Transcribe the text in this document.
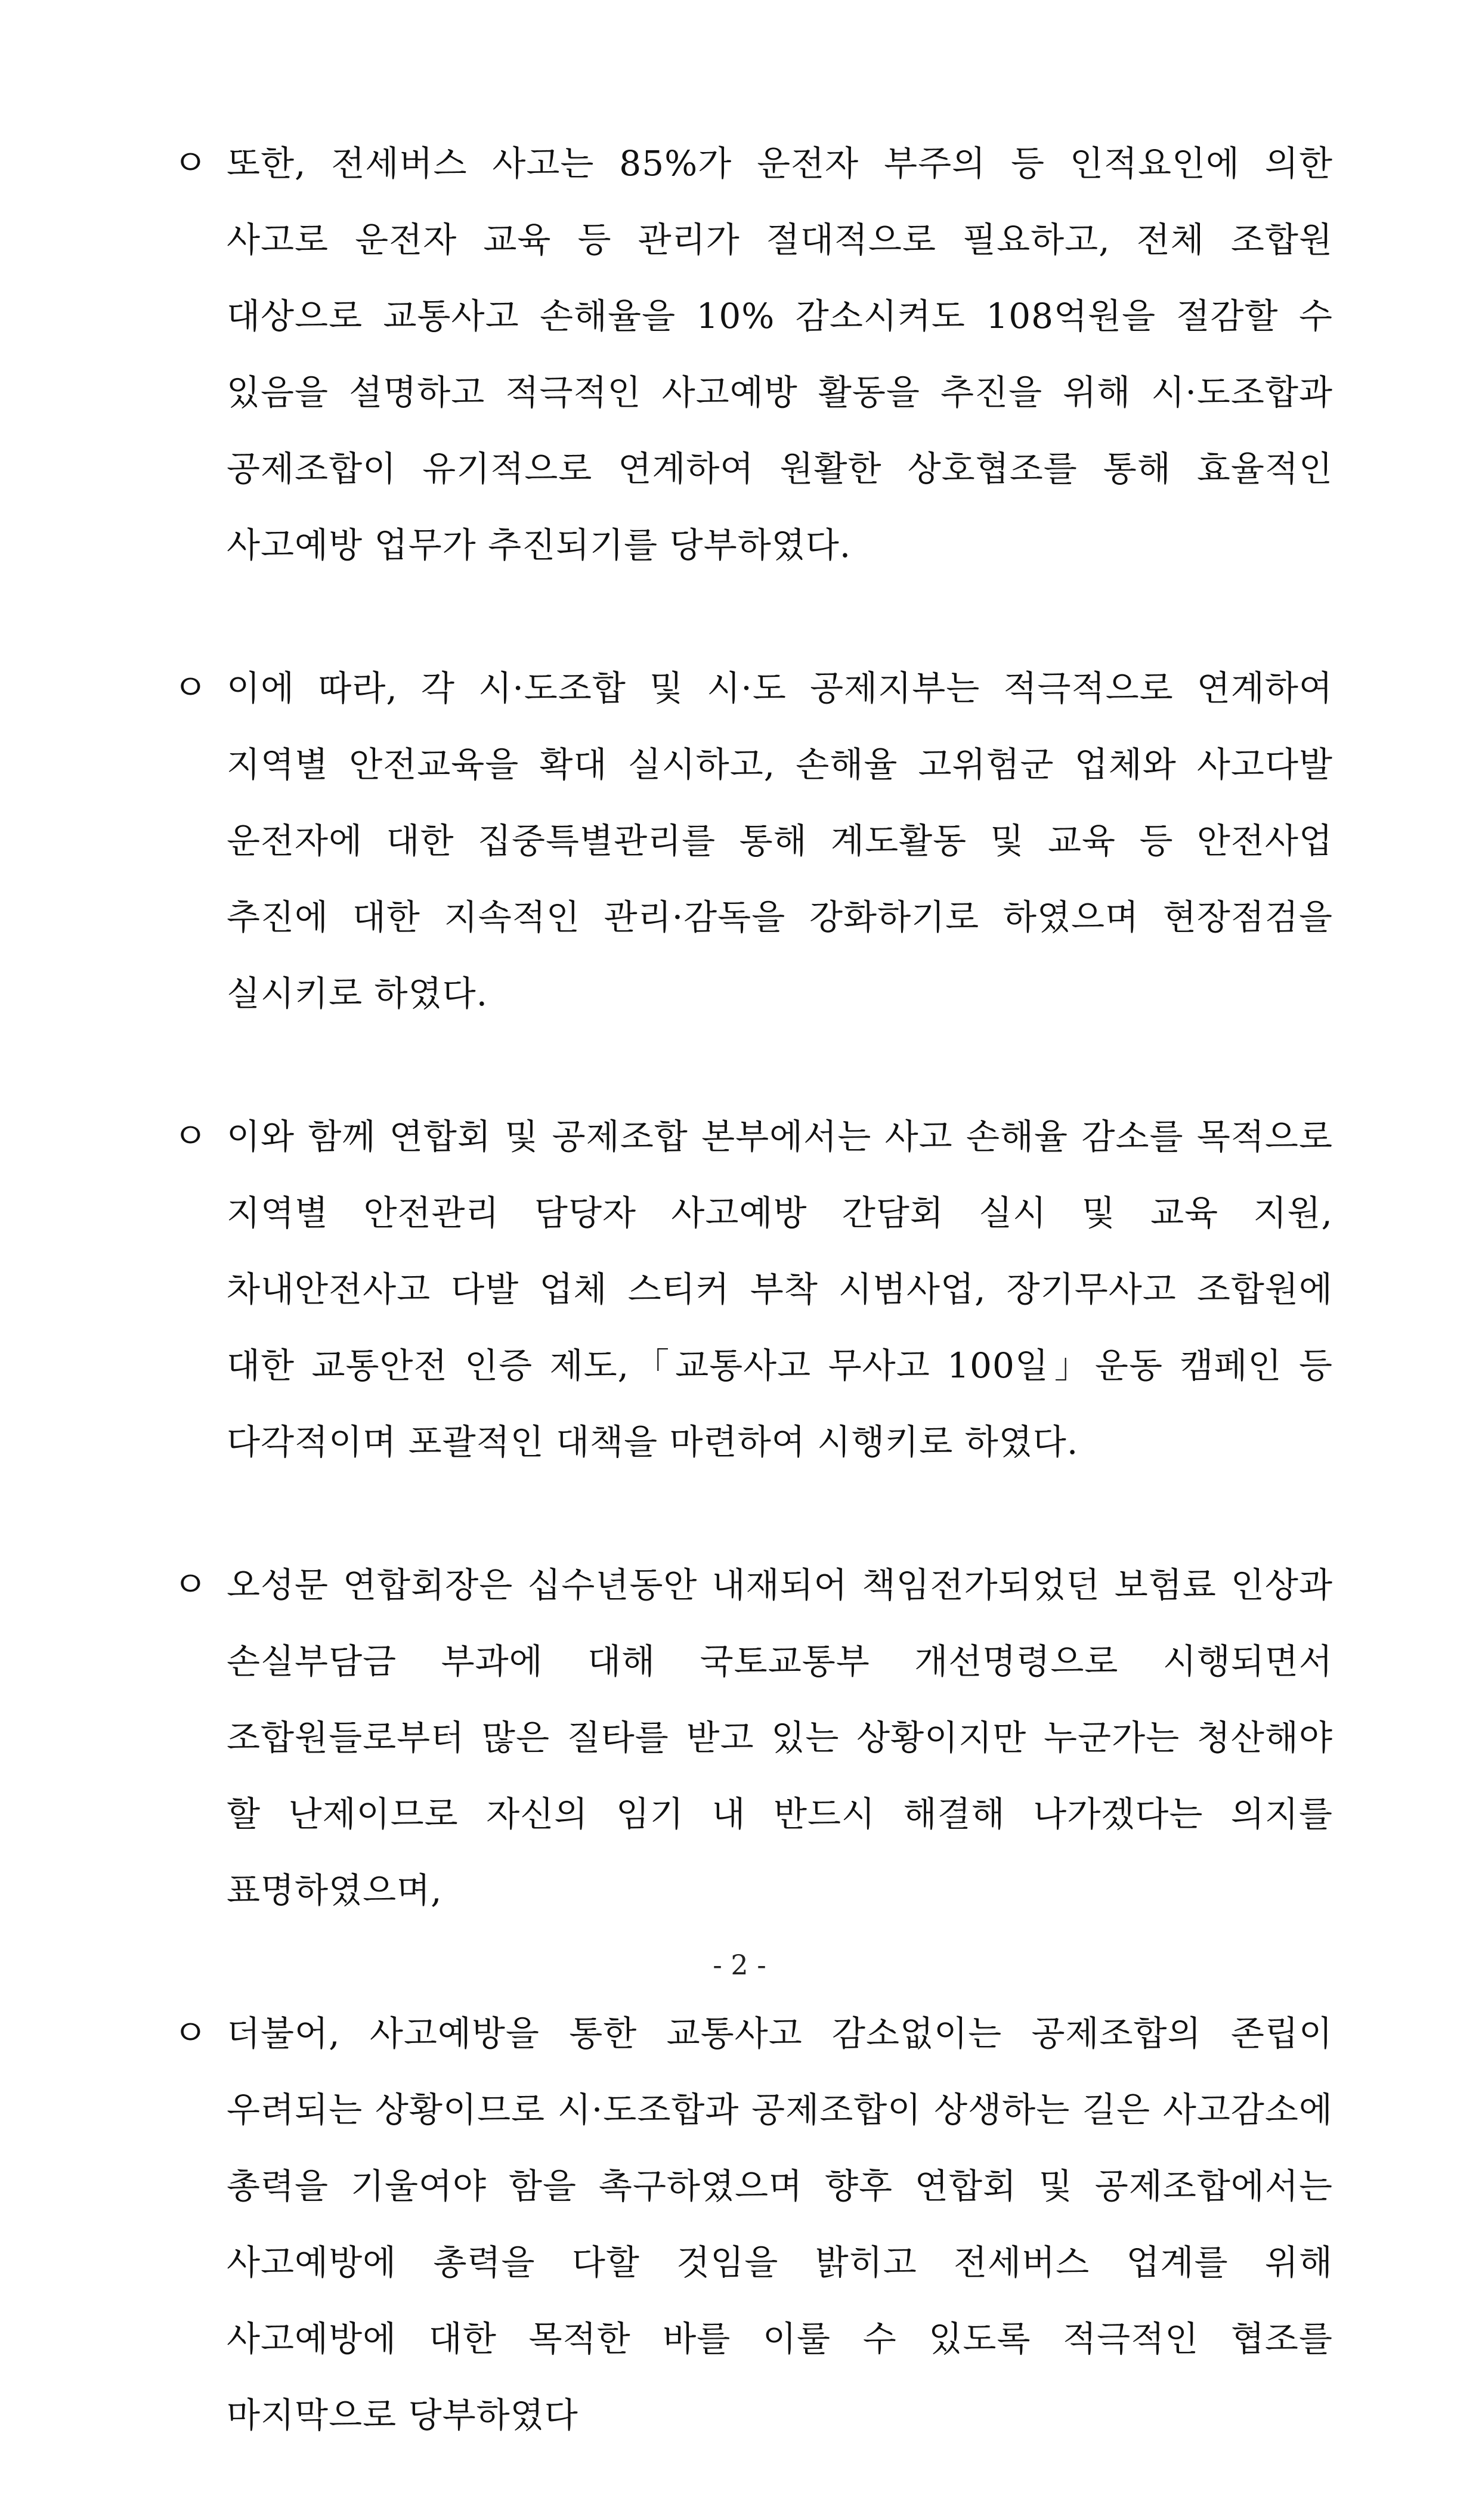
ㅇ 또한, 전세버스 사고는 85%가 운전자 부주의 등 인적요인에 의한 사고로 운전자 교육 등 관리가 절대적으로 필요하고, 전체 조합원 대상으로 교통사고 손해율을 10% 감소시켜도 108억원을 절감할 수 있음을 설명하고 적극적인 사고예방 활동을 추진을 위해 시·도조합과 공제조합이 유기적으로 연계하여 원활한 상호협조를 통해 효율적인 사고예방 업무가 추진되기를 당부하였다.
ㅇ 이에 따라, 각 시·도조합 및 시·도 공제지부는 적극적으로 연계하여 지역별 안전교육을 확대 실시하고, 손해율 고위험군 업체와 사고다발 운전자에 대한 집중특별관리를 통해 계도활동 및 교육 등 안전사업 추진에 대한 지속적인 관리·감독을 강화하기로 하였으며 현장점검을 실시키로 하였다.
ㅇ 이와 함께 연합회 및 공제조합 본부에서는 사고 손해율 감소를 목적으로 지역별 안전관리 담당자 사고예방 간담회 실시 및 교육 지원, 차내안전사고 다발 업체 스티커 부착 시범사업, 장기무사고 조합원에 대한 교통안전 인증 제도,「교통사고 무사고 100일」운동 캠페인 등 다각적이며 포괄적인 대책을 마련하여 시행키로 하였다.
ㅇ 오성문 연합회장은 십수년동안 내재되어 책임전가되었던 보험료 인상과 손실부담금 부과에 대해 국토교통부 개선명령으로 시행되면서 조합원들로부터 많은 질타를 받고 있는 상황이지만 누군가는 청산해야 할 난제이므로 자신의 임기 내 반드시 해결해 나가겠다는 의지를 표명하였으며,
ㅇ 더불어, 사고예방을 통한 교통사고 감소없이는 공제조합의 존립이 우려되는 상황이므로 시·도조합과 공제조합이 상생하는 길은 사고감소에 총력을 기울여야 함을 촉구하였으며 향후 연합회 및 공제조합에서는 사고예방에 총력을 다할 것임을 밝히고 전세버스 업계를 위해 사고예방에 대한 목적한 바를 이룰 수 있도록 적극적인 협조를 마지막으로 당부하였다
- 2 -
